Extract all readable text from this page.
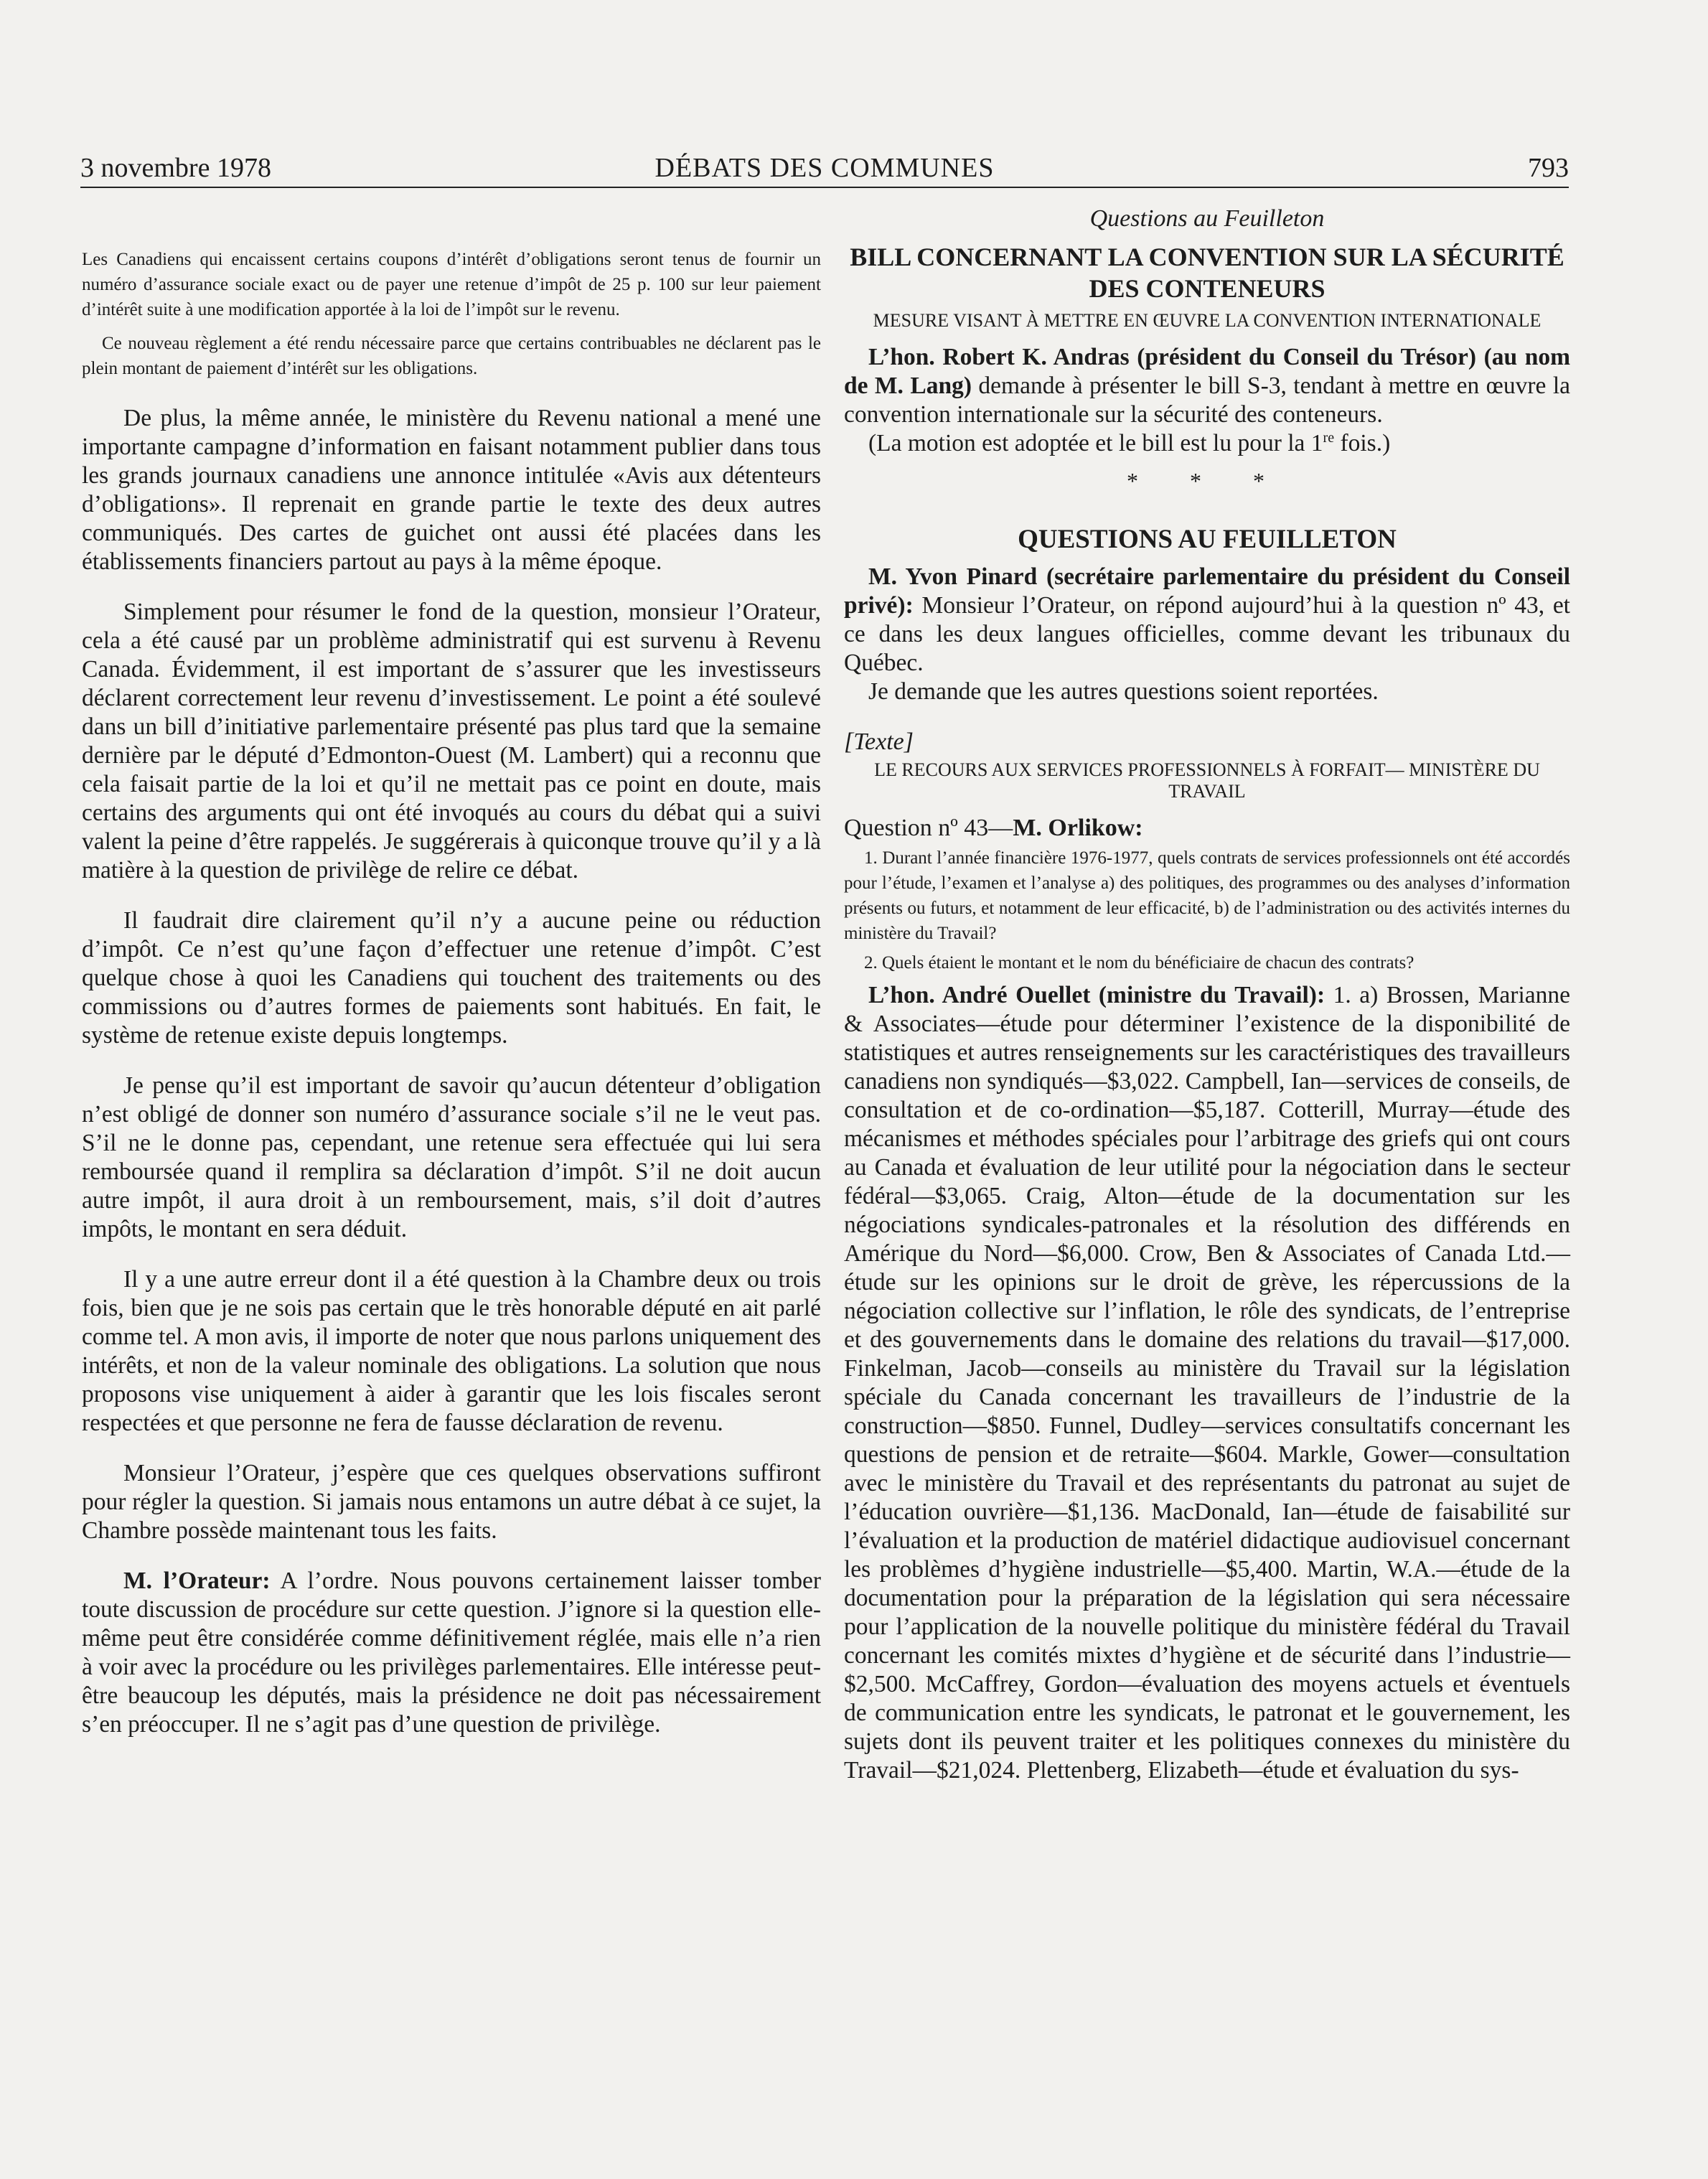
3 novembre 1978	DÉBATS DES COMMUNES	793

Les Canadiens qui encaissent certains coupons d’intérêt d’obligations seront tenus de fournir un numéro d’assurance sociale exact ou de payer une retenue d’impôt de 25 p. 100 sur leur paiement d’intérêt suite à une modification apportée à la loi de l’impôt sur le revenu.

Ce nouveau règlement a été rendu nécessaire parce que certains contribuables ne déclarent pas le plein montant de paiement d’intérêt sur les obligations.

De plus, la même année, le ministère du Revenu national a mené une importante campagne d’information en faisant notamment publier dans tous les grands journaux canadiens une annonce intitulée «Avis aux détenteurs d’obligations». Il reprenait en grande partie le texte des deux autres communiqués. Des cartes de guichet ont aussi été placées dans les établissements financiers partout au pays à la même époque.

Simplement pour résumer le fond de la question, monsieur l’Orateur, cela a été causé par un problème administratif qui est survenu à Revenu Canada. Évidemment, il est important de s’assurer que les investisseurs déclarent correctement leur revenu d’investissement. Le point a été soulevé dans un bill d’initiative parlementaire présenté pas plus tard que la semaine dernière par le député d’Edmonton-Ouest (M. Lambert) qui a reconnu que cela faisait partie de la loi et qu’il ne mettait pas ce point en doute, mais certains des arguments qui ont été invoqués au cours du débat qui a suivi valent la peine d’être rappelés. Je suggérerais à quiconque trouve qu’il y a là matière à la question de privilège de relire ce débat.

Il faudrait dire clairement qu’il n’y a aucune peine ou réduction d’impôt. Ce n’est qu’une façon d’effectuer une retenue d’impôt. C’est quelque chose à quoi les Canadiens qui touchent des traitements ou des commissions ou d’autres formes de paiements sont habitués. En fait, le système de retenue existe depuis longtemps.

Je pense qu’il est important de savoir qu’aucun détenteur d’obligation n’est obligé de donner son numéro d’assurance sociale s’il ne le veut pas. S’il ne le donne pas, cependant, une retenue sera effectuée qui lui sera remboursée quand il remplira sa déclaration d’impôt. S’il ne doit aucun autre impôt, il aura droit à un remboursement, mais, s’il doit d’autres impôts, le montant en sera déduit.

Il y a une autre erreur dont il a été question à la Chambre deux ou trois fois, bien que je ne sois pas certain que le très honorable député en ait parlé comme tel. A mon avis, il importe de noter que nous parlons uniquement des intérêts, et non de la valeur nominale des obligations. La solution que nous proposons vise uniquement à aider à garantir que les lois fiscales seront respectées et que personne ne fera de fausse déclaration de revenu.

Monsieur l’Orateur, j’espère que ces quelques observations suffiront pour régler la question. Si jamais nous entamons un autre débat à ce sujet, la Chambre possède maintenant tous les faits.

M. l’Orateur: A l’ordre. Nous pouvons certainement laisser tomber toute discussion de procédure sur cette question. J’ignore si la question elle-même peut être considérée comme définitivement réglée, mais elle n’a rien à voir avec la procédure ou les privilèges parlementaires. Elle intéresse peut-être beaucoup les députés, mais la présidence ne doit pas nécessairement s’en préoccuper. Il ne s’agit pas d’une question de privilège.

Questions au Feuilleton

BILL CONCERNANT LA CONVENTION SUR LA SÉCURITÉ DES CONTENEURS

MESURE VISANT À METTRE EN ŒUVRE LA CONVENTION INTERNATIONALE

L’hon. Robert K. Andras (président du Conseil du Trésor) (au nom de M. Lang) demande à présenter le bill S-3, tendant à mettre en œuvre la convention internationale sur la sécurité des conteneurs.

(La motion est adoptée et le bill est lu pour la 1re fois.)

* * *

QUESTIONS AU FEUILLETON

M. Yvon Pinard (secrétaire parlementaire du président du Conseil privé): Monsieur l’Orateur, on répond aujourd’hui à la question nº 43, et ce dans les deux langues officielles, comme devant les tribunaux du Québec.

Je demande que les autres questions soient reportées.

[Texte]

LE RECOURS AUX SERVICES PROFESSIONNELS À FORFAIT— MINISTÈRE DU TRAVAIL

Question nº 43—M. Orlikow:

1. Durant l’année financière 1976-1977, quels contrats de services professionnels ont été accordés pour l’étude, l’examen et l’analyse a) des politiques, des programmes ou des analyses d’information présents ou futurs, et notamment de leur efficacité, b) de l’administration ou des activités internes du ministère du Travail?

2. Quels étaient le montant et le nom du bénéficiaire de chacun des contrats?

L’hon. André Ouellet (ministre du Travail): 1. a) Brossen, Marianne & Associates—étude pour déterminer l’existence de la disponibilité de statistiques et autres renseignements sur les caractéristiques des travailleurs canadiens non syndiqués—$3,022. Campbell, Ian—services de conseils, de consultation et de co-ordination—$5,187. Cotterill, Murray—étude des mécanismes et méthodes spéciales pour l’arbitrage des griefs qui ont cours au Canada et évaluation de leur utilité pour la négociation dans le secteur fédéral—$3,065. Craig, Alton—étude de la documentation sur les négociations syndicales-patronales et la résolution des différends en Amérique du Nord—$6,000. Crow, Ben & Associates of Canada Ltd.—étude sur les opinions sur le droit de grève, les répercussions de la négociation collective sur l’inflation, le rôle des syndicats, de l’entreprise et des gouvernements dans le domaine des relations du travail—$17,000. Finkelman, Jacob—conseils au ministère du Travail sur la législation spéciale du Canada concernant les travailleurs de l’industrie de la construction—$850. Funnel, Dudley—services consultatifs concernant les questions de pension et de retraite—$604. Markle, Gower—consultation avec le ministère du Travail et des représentants du patronat au sujet de l’éducation ouvrière—$1,136. MacDonald, Ian—étude de faisabilité sur l’évaluation et la production de matériel didactique audiovisuel concernant les problèmes d’hygiène industrielle—$5,400. Martin, W.A.—étude de la documentation pour la préparation de la législation qui sera nécessaire pour l’application de la nouvelle politique du ministère fédéral du Travail concernant les comités mixtes d’hygiène et de sécurité dans l’industrie—$2,500. McCaffrey, Gordon—évaluation des moyens actuels et éventuels de communication entre les syndicats, le patronat et le gouvernement, les sujets dont ils peuvent traiter et les politiques connexes du ministère du Travail—$21,024. Plettenberg, Elizabeth—étude et évaluation du sys-
